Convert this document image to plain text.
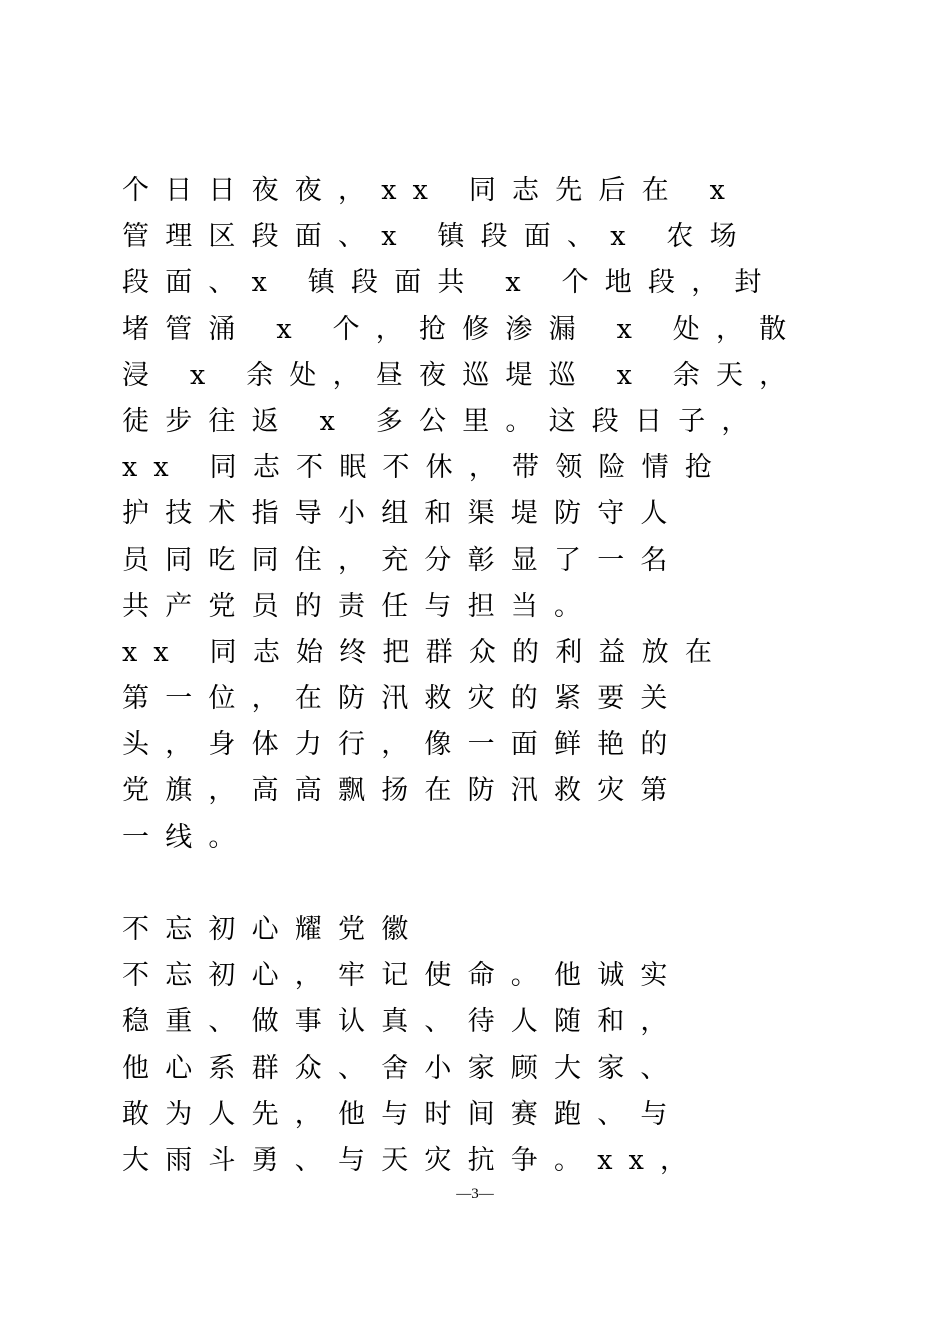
个日日夜夜，xx 同志先后在 x
管理区段面、x 镇段面、x 农场
段面、x 镇段面共 x 个地段，封
堵管涌 x 个，抢修渗漏 x 处，散
浸 x 余处，昼夜巡堤巡 x 余天，
徒步往返 x 多公里。这段日子，
xx 同志不眠不休，带领险情抢
护技术指导小组和渠堤防守人
员同吃同住，充分彰显了一名
共产党员的责任与担当。
xx 同志始终把群众的利益放在
第一位，在防汛救灾的紧要关
头，身体力行，像一面鲜艳的
党旗，高高飘扬在防汛救灾第
一线。
不忘初心耀党徽
不忘初心，牢记使命。他诚实
稳重、做事认真、待人随和，
他心系群众、舍小家顾大家、
敢为人先，他与时间赛跑、与
大雨斗勇、与天灾抗争。xx，
—3—
